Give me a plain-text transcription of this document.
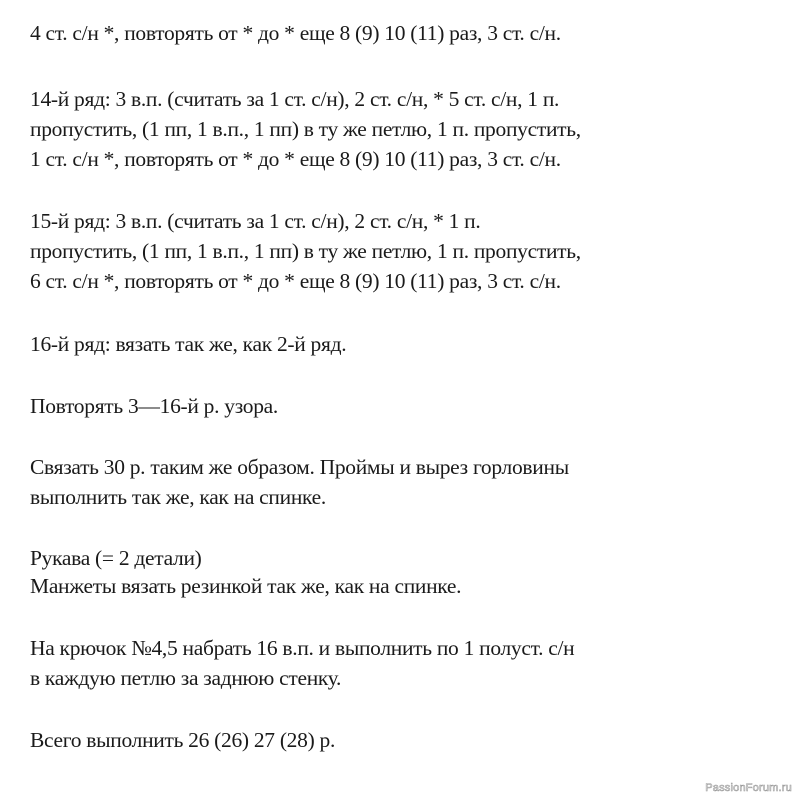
4 ст. с/н *, повторять от * до * еще 8 (9) 10 (11) раз, 3 ст. с/н.
14-й ряд: 3 в.п. (считать за 1 ст. с/н), 2 ст. с/н, * 5 ст. с/н, 1 п.
пропустить, (1 пп, 1 в.п., 1 пп) в ту же петлю, 1 п. пропустить,
1 ст. с/н *, повторять от * до * еще 8 (9) 10 (11) раз, 3 ст. с/н.
15-й ряд: 3 в.п. (считать за 1 ст. с/н), 2 ст. с/н, * 1 п.
пропустить, (1 пп, 1 в.п., 1 пп) в ту же петлю, 1 п. пропустить,
6 ст. с/н *, повторять от * до * еще 8 (9) 10 (11) раз, 3 ст. с/н.
16-й ряд: вязать так же, как 2-й ряд.
Повторять 3—16-й р. узора.
Связать 30 р. таким же образом. Проймы и вырез горловины
выполнить так же, как на спинке.
Рукава (= 2 детали)
Манжеты вязать резинкой так же, как на спинке.
На крючок №4,5 набрать 16 в.п. и выполнить по 1 полуст. с/н
в каждую петлю за заднюю стенку.
Всего выполнить 26 (26) 27 (28) р.
PassionForum.ru
